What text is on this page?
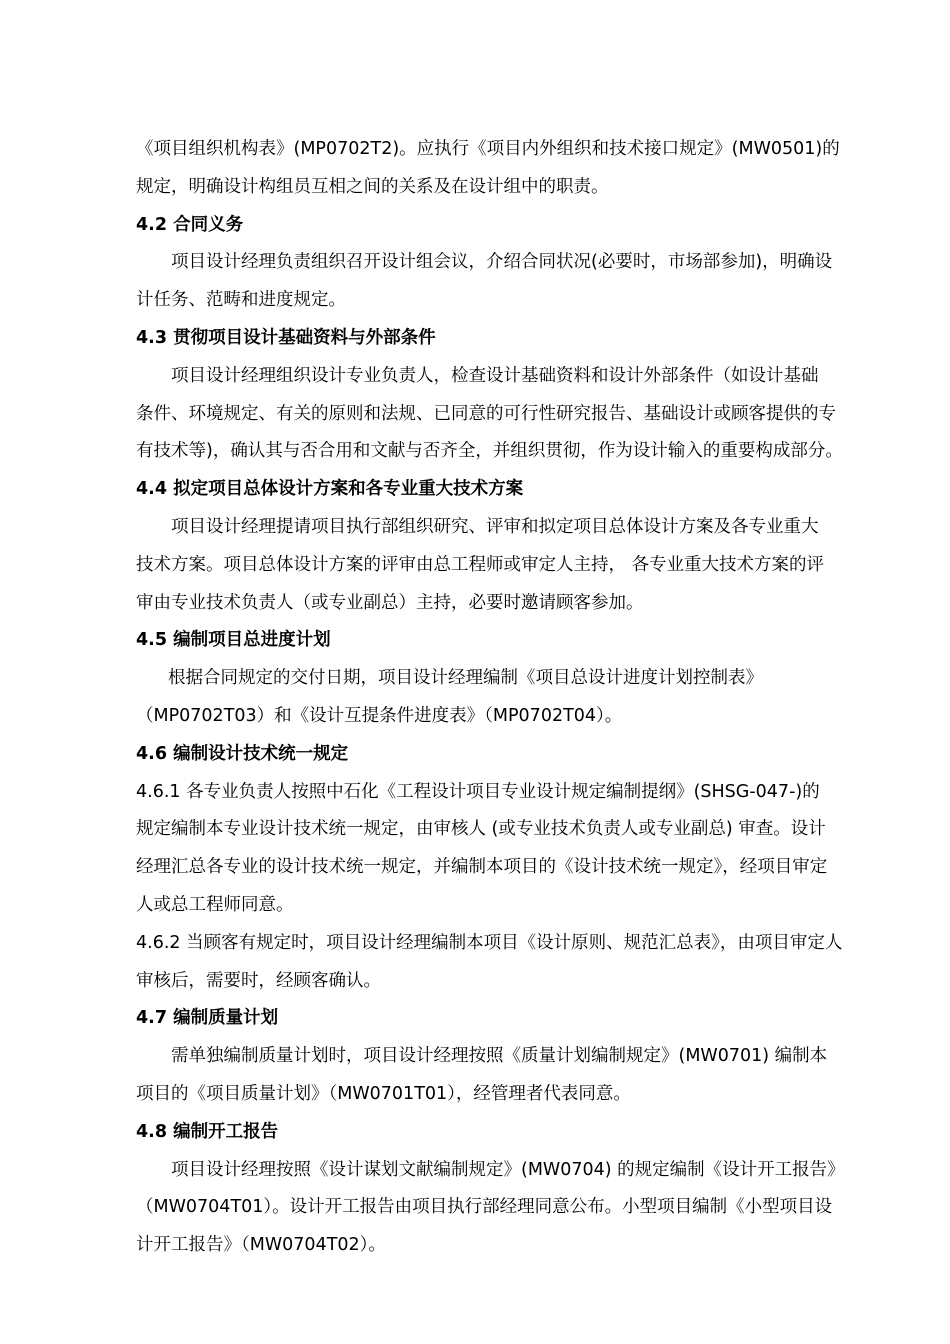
《项目组织机构表》(MP0702T2)。应执行《项目内外组织和技术接口规定》(MW0501)的
规定，明确设计构组员互相之间的关系及在设计组中的职责。
4.2 合同义务
项目设计经理负责组织召开设计组会议，介绍合同状况(必要时，市场部参加)，明确设
计任务、范畴和进度规定。
4.3 贯彻项目设计基础资料与外部条件
项目设计经理组织设计专业负责人，检查设计基础资料和设计外部条件（如设计基础
条件、环境规定、有关的原则和法规、已同意的可行性研究报告、基础设计或顾客提供的专
有技术等)，确认其与否合用和文献与否齐全，并组织贯彻，作为设计输入的重要构成部分。
4.4 拟定项目总体设计方案和各专业重大技术方案
项目设计经理提请项目执行部组织研究、评审和拟定项目总体设计方案及各专业重大
技术方案。项目总体设计方案的评审由总工程师或审定人主持， 各专业重大技术方案的评
审由专业技术负责人（或专业副总）主持，必要时邀请顾客参加。
4.5 编制项目总进度计划
根据合同规定的交付日期，项目设计经理编制《项目总设计进度计划控制表》
（MP0702T03）和《设计互提条件进度表》（MP0702T04）。
4.6 编制设计技术统一规定
4.6.1 各专业负责人按照中石化《工程设计项目专业设计规定编制提纲》(SHSG-047-)的
规定编制本专业设计技术统一规定，由审核人 (或专业技术负责人或专业副总) 审查。设计
经理汇总各专业的设计技术统一规定，并编制本项目的《设计技术统一规定》，经项目审定
人或总工程师同意。
4.6.2 当顾客有规定时，项目设计经理编制本项目《设计原则、规范汇总表》，由项目审定人
审核后，需要时，经顾客确认。
4.7 编制质量计划
需单独编制质量计划时，项目设计经理按照《质量计划编制规定》(MW0701) 编制本
项目的《项目质量计划》（MW0701T01），经管理者代表同意。
4.8 编制开工报告
项目设计经理按照《设计谋划文献编制规定》(MW0704) 的规定编制《设计开工报告》
（MW0704T01）。设计开工报告由项目执行部经理同意公布。小型项目编制《小型项目设
计开工报告》（MW0704T02）。
